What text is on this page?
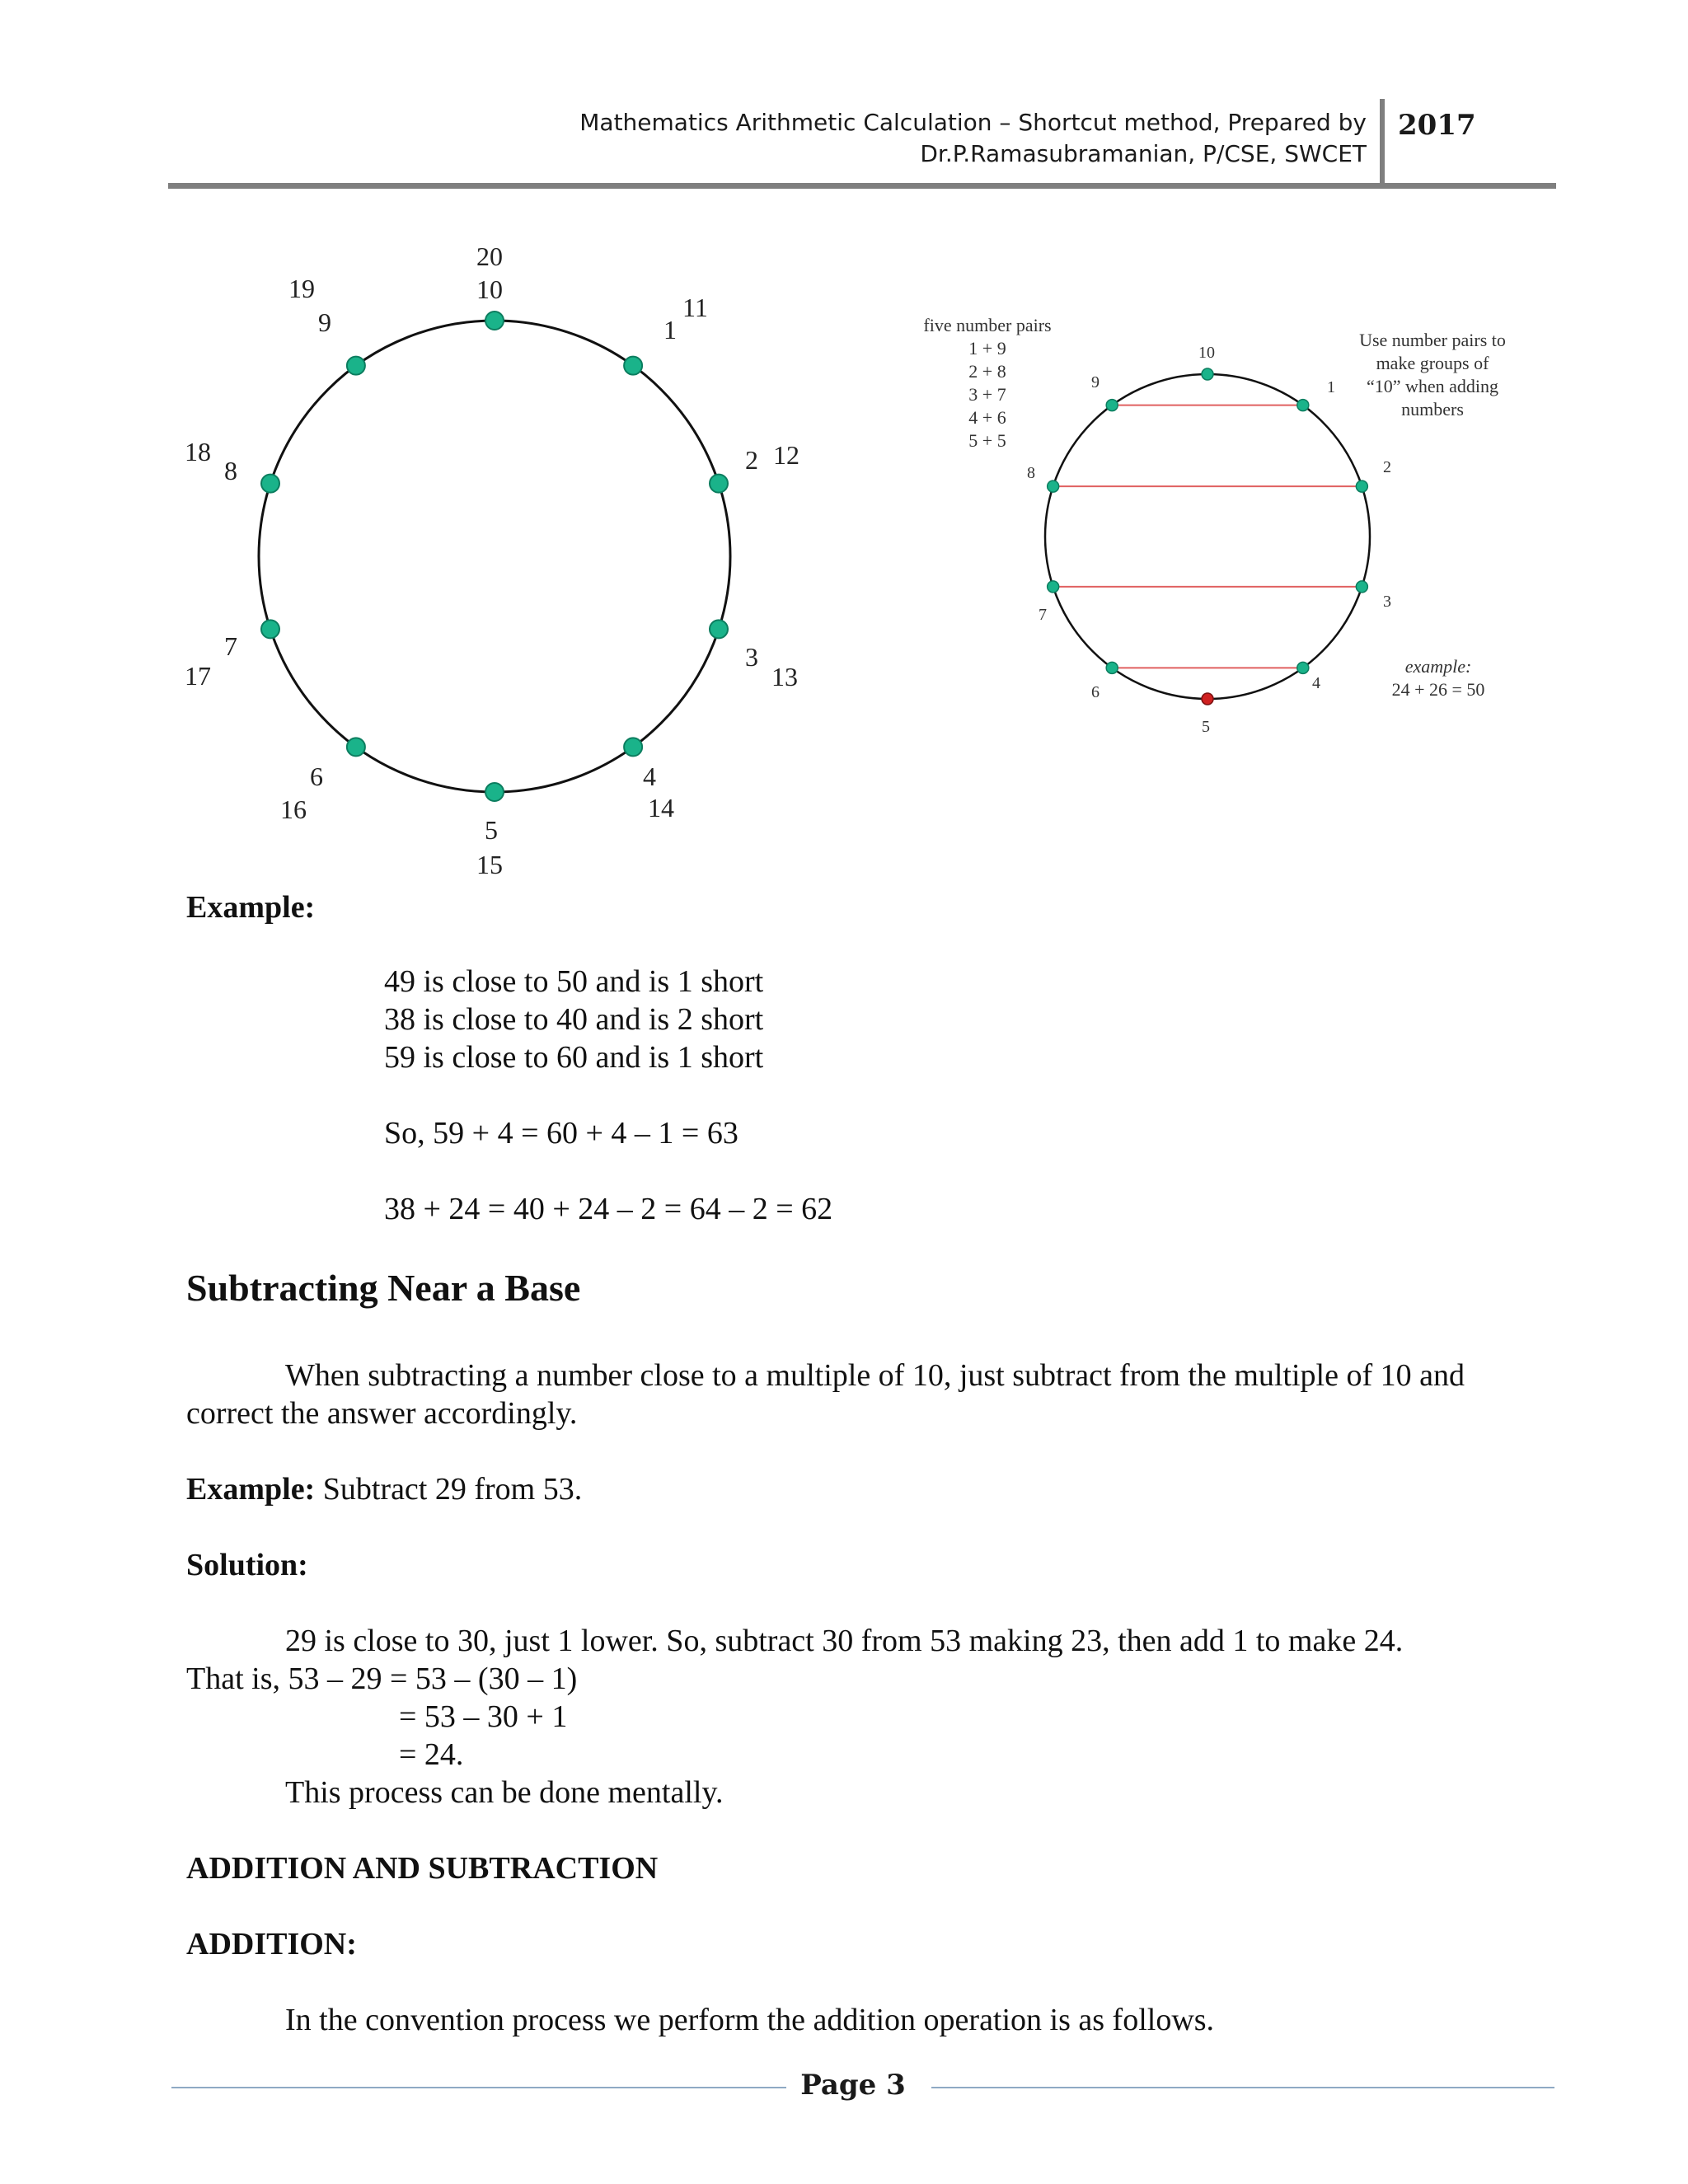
Mathematics Arithmetic Calculation – Shortcut method, Prepared by
Dr.P.Ramasubramanian, P/CSE, SWCET
2017
20
10
11
1
12
2
13
3
14
4
15
5
16
6
17
7
18
8
19
9	five number pairs
1 + 9
2 + 8
3 + 7
4 + 6
5 + 5
10
1
2
3
4
5
6
7
8
9
Use number pairs to
make groups of
“10” when adding
numbers
example:
24 + 26 = 50
Example:
49 is close to 50 and is 1 short
38 is close to 40 and is 2 short
59 is close to 60 and is 1 short
So, 59 + 4 = 60 + 4 – 1 = 63
38 + 24 = 40 + 24 – 2 = 64 – 2 = 62
Subtracting Near a Base
When subtracting a number close to a multiple of 10, just subtract from the multiple of 10 and
correct the answer accordingly.
Example: Subtract 29 from 53.
Solution:
29 is close to 30, just 1 lower. So, subtract 30 from 53 making 23, then add 1 to make 24.
That is, 53 – 29 = 53 – (30 – 1)
= 53 – 30 + 1
= 24.
This process can be done mentally.
ADDITION AND SUBTRACTION
ADDITION:
In the convention process we perform the addition operation is as follows.
Page 3
